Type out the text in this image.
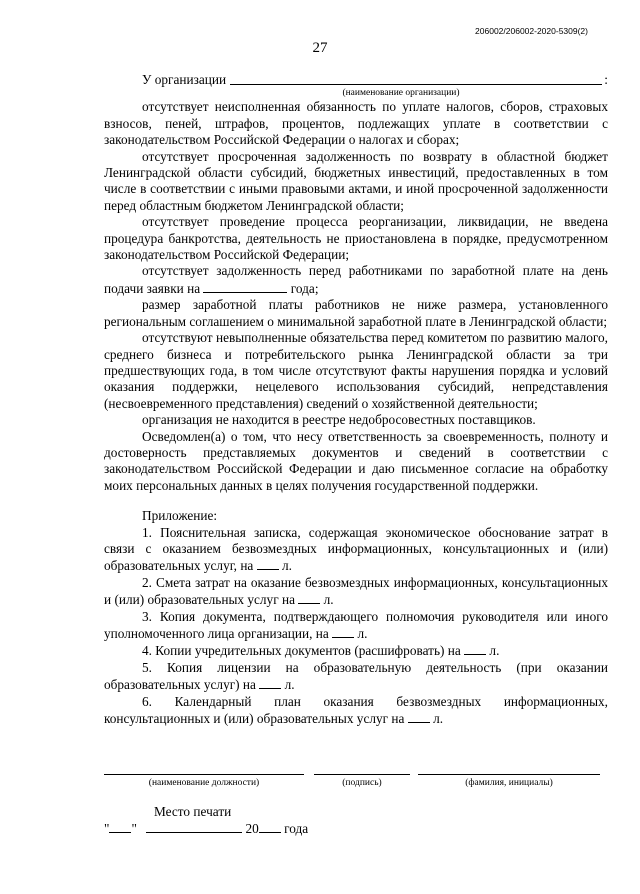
206002/206002-2020-5309(2)
27
У организации	:
(наименование организации)

отсутствует неисполненная обязанность по уплате налогов, сборов, страховых взносов, пеней, штрафов, процентов, подлежащих уплате в соответствии с законодательством Российской Федерации о налогах и сборах;

отсутствует просроченная задолженность по возврату в областной бюджет Ленинградской области субсидий, бюджетных инвестиций, предоставленных в том числе в соответствии с иными правовыми актами, и иной просроченной задолженности перед областным бюджетом Ленинградской области;

отсутствует проведение процесса реорганизации, ликвидации, не введена процедура банкротства, деятельность не приостановлена в порядке, предусмотренном законодательством Российской Федерации;

отсутствует задолженность перед работниками по заработной плате на день подачи заявки на	года;

размер заработной платы работников не ниже размера, установленного региональным соглашением о минимальной заработной плате в Ленинградской области;

отсутствуют невыполненные обязательства перед комитетом по развитию малого, среднего бизнеса и потребительского рынка Ленинградской области за три предшествующих года, в том числе отсутствуют факты нарушения порядка и условий оказания поддержки, нецелевого использования субсидий, непредставления (несвоевременного представления) сведений о хозяйственной деятельности;

организация не находится в реестре недобросовестных поставщиков.

Осведомлен(а) о том, что несу ответственность за своевременность, полноту и достоверность представляемых документов и сведений в соответствии с законодательством Российской Федерации и даю письменное согласие на обработку моих персональных данных в целях получения государственной поддержки.

Приложение:

1. Пояснительная записка, содержащая экономическое обоснование затрат в связи с оказанием безвозмездных информационных, консультационных и (или) образовательных услуг, на  л.

2. Смета затрат на оказание безвозмездных информационных, консультационных и (или) образовательных услуг на  л.

3. Копия документа, подтверждающего полномочия руководителя или иного уполномоченного лица организации, на  л.

4. Копии учредительных документов (расшифровать) на  л.

5. Копия лицензии на образовательную деятельность (при оказании образовательных услуг) на  л.

6. Календарный план оказания безвозмездных информационных, консультационных и (или) образовательных услуг на  л.

(наименование должности)	(подпись)	(фамилия, инициалы)
Место печати
" "	20 года
